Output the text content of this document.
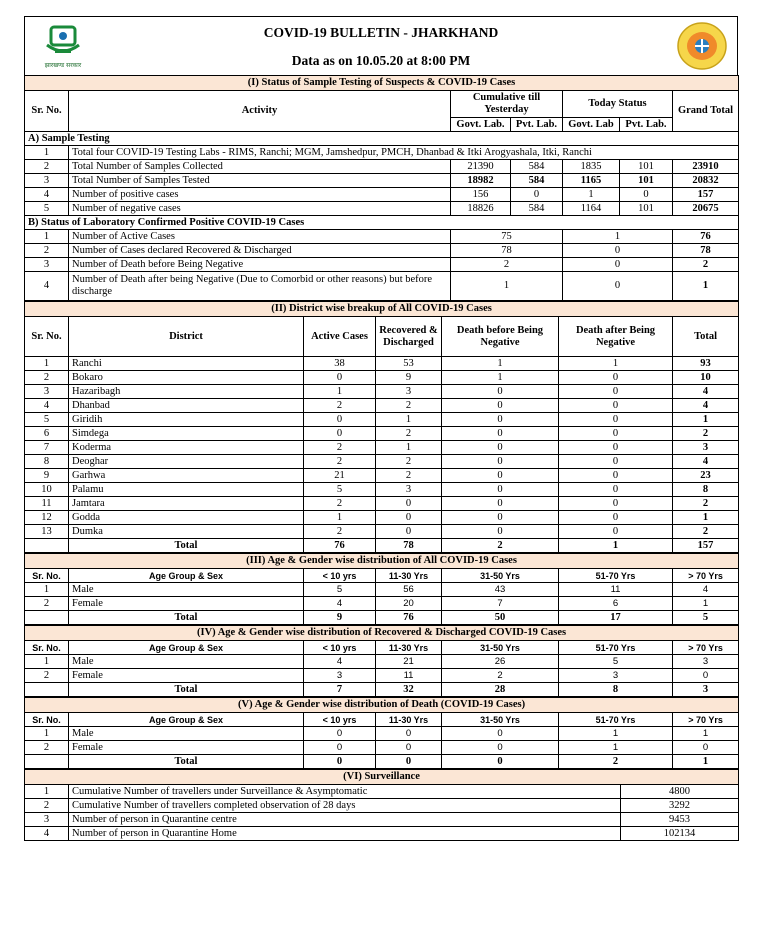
झारखण्ड सरकार
COVID-19 BULLETIN - JHARKHAND
Data as on 10.05.20 at 8:00 PM
(I) Status of Sample Testing of Suspects & COVID-19 Cases						
Sr. No.	Activity	Cumulative till Yesterday		Today Status		Grand Total
		Govt. Lab.	Pvt. Lab.	Govt. Lab	Pvt. Lab.	
A) Sample Testing						
1	Total four COVID-19 Testing Labs - RIMS, Ranchi; MGM, Jamshedpur, PMCH, Dhanbad & Itki Arogyashala, Itki, Ranchi					
2	Total Number of Samples Collected	21390	584	1835	101	23910
3	Total Number of Samples Tested	18982	584	1165	101	20832
4	Number of positive cases	156	0	1	0	157
5	Number of negative cases	18826	584	1164	101	20675
B) Status of Laboratory Confirmed Positive COVID-19 Cases						
1	Number of Active Cases	75		1		76
2	Number of Cases declared Recovered & Discharged	78		0		78
3	Number of Death before Being Negative	2		0		2
4	Number of Death after being Negative (Due to Comorbid or other reasons) but before discharge	1		0		1
(II) District wise breakup of All COVID-19 Cases						
Sr. No.	District	Active Cases	Recovered & Discharged	Death before Being Negative	Death after Being Negative	Total
1	Ranchi	38	53	1	1	93
2	Bokaro	0	9	1	0	10
3	Hazaribagh	1	3	0	0	4
4	Dhanbad	2	2	0	0	4
5	Giridih	0	1	0	0	1
6	Simdega	0	2	0	0	2
7	Koderma	2	1	0	0	3
8	Deoghar	2	2	0	0	4
9	Garhwa	21	2	0	0	23
10	Palamu	5	3	0	0	8
11	Jamtara	2	0	0	0	2
12	Godda	1	0	0	0	1
13	Dumka	2	0	0	0	2
	Total	76	78	2	1	157
(III) Age & Gender wise distribution of All COVID-19 Cases						
Sr. No.	Age Group & Sex	< 10 yrs	11-30 Yrs	31-50 Yrs	51-70 Yrs	> 70 Yrs
1	Male	5	56	43	11	4
2	Female	4	20	7	6	1
	Total	9	76	50	17	5
(IV) Age & Gender wise distribution of Recovered & Discharged COVID-19 Cases						
Sr. No.	Age Group & Sex	< 10 yrs	11-30 Yrs	31-50 Yrs	51-70 Yrs	> 70 Yrs
1	Male	4	21	26	5	3
2	Female	3	11	2	3	0
	Total	7	32	28	8	3
(V) Age & Gender wise distribution of Death (COVID-19 Cases)						
Sr. No.	Age Group & Sex	< 10 yrs	11-30 Yrs	31-50 Yrs	51-70 Yrs	> 70 Yrs
1	Male	0	0	0	1	1
2	Female	0	0	0	1	0
	Total	0	0	0	2	1
(VI) Surveillance		
1	Cumulative Number of travellers under Surveillance & Asymptomatic	4800
2	Cumulative Number of travellers completed observation of 28 days	3292
3	Number of person in Quarantine centre	9453
4	Number of person in Quarantine Home	102134
